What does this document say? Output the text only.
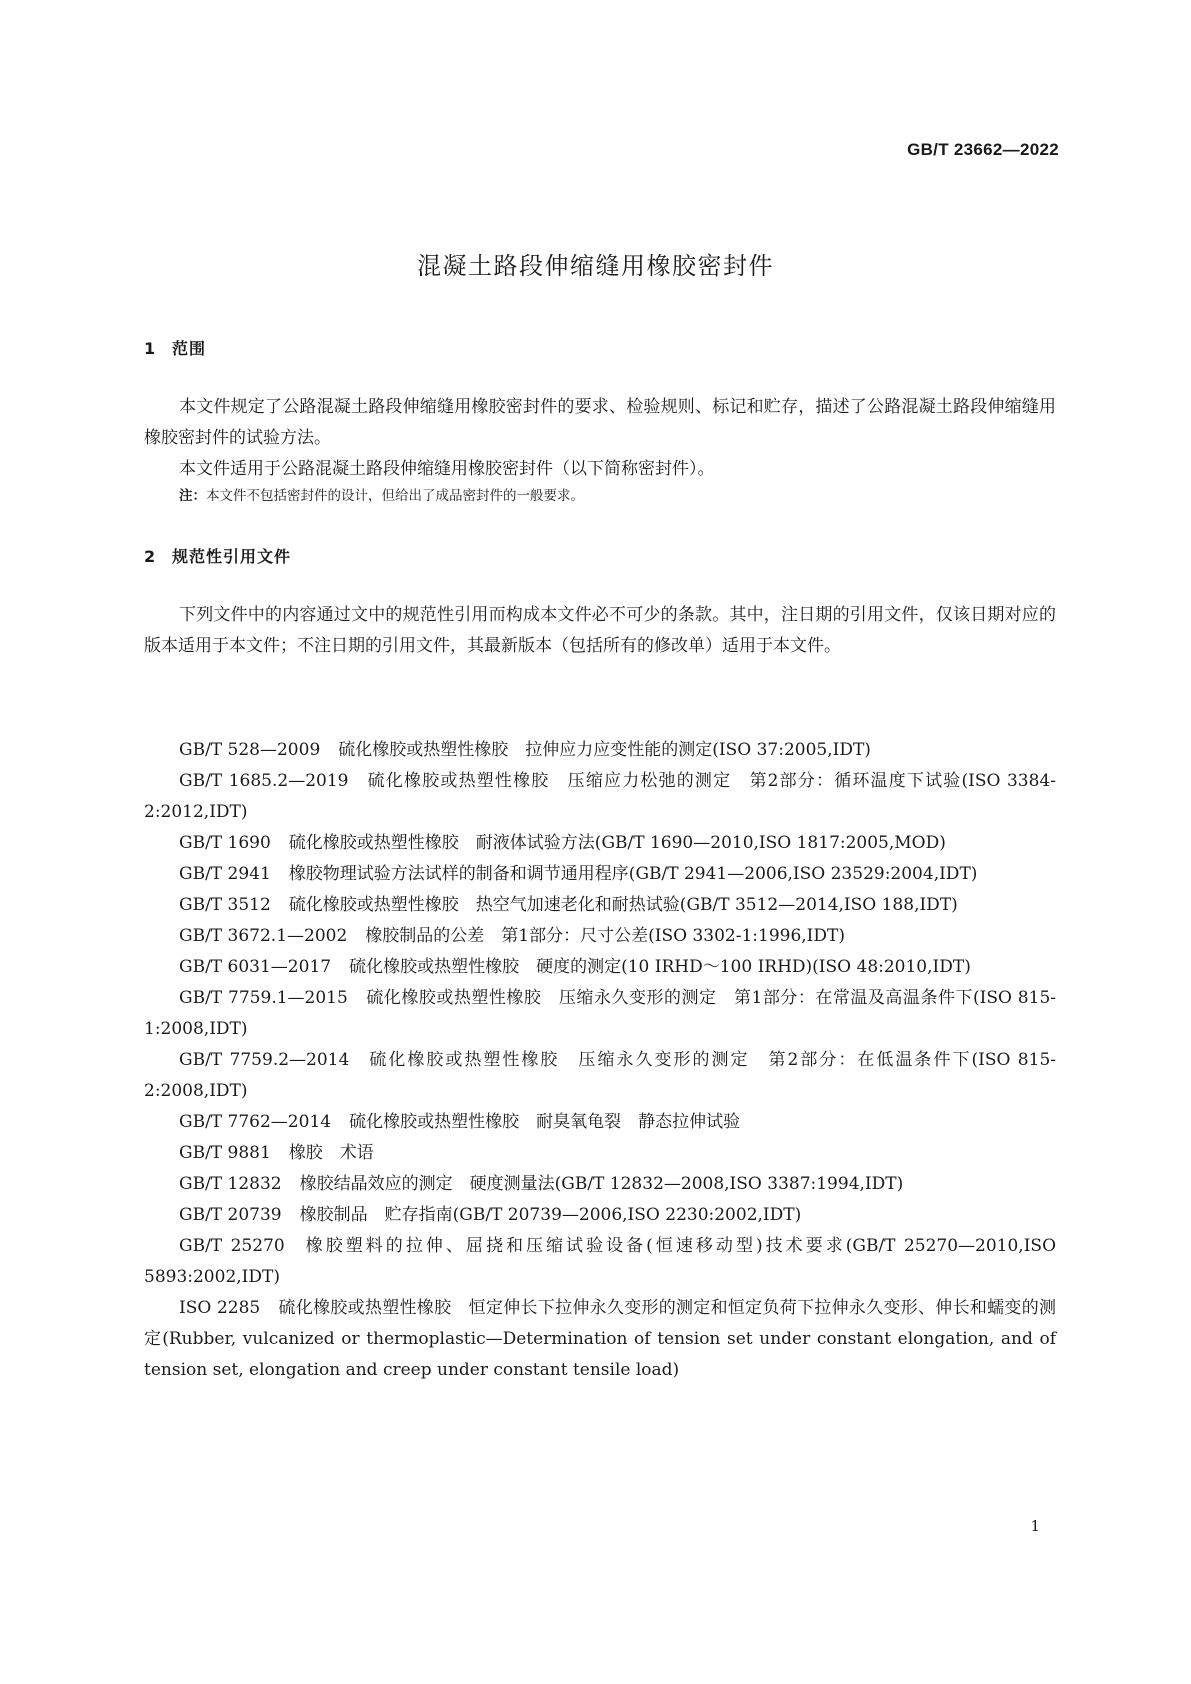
GB/T 23662—2022
混凝土路段伸缩缝用橡胶密封件
1 范围

本文件规定了公路混凝土路段伸缩缝用橡胶密封件的要求、检验规则、标记和贮存，描述了公路混凝土路段伸缩缝用橡胶密封件的试验方法。

本文件适用于公路混凝土路段伸缩缝用橡胶密封件（以下简称密封件）。

注：本文件不包括密封件的设计，但给出了成品密封件的一般要求。

2 规范性引用文件

下列文件中的内容通过文中的规范性引用而构成本文件必不可少的条款。其中，注日期的引用文件，仅该日期对应的版本适用于本文件；不注日期的引用文件，其最新版本（包括所有的修改单）适用于本文件。

GB/T 528—2009 硫化橡胶或热塑性橡胶　拉伸应力应变性能的测定(ISO 37:2005,IDT)
GB/T 1685.2—2019 硫化橡胶或热塑性橡胶　压缩应力松弛的测定　第2部分：循环温度下试验(ISO 3384-2:2012,IDT)
GB/T 1690 硫化橡胶或热塑性橡胶　耐液体试验方法(GB/T 1690—2010,ISO 1817:2005,MOD)
GB/T 2941 橡胶物理试验方法试样的制备和调节通用程序(GB/T 2941—2006,ISO 23529:2004,IDT)
GB/T 3512 硫化橡胶或热塑性橡胶　热空气加速老化和耐热试验(GB/T 3512—2014,ISO 188,IDT)
GB/T 3672.1—2002 橡胶制品的公差　第1部分：尺寸公差(ISO 3302-1:1996,IDT)
GB/T 6031—2017 硫化橡胶或热塑性橡胶　硬度的测定(10 IRHD～100 IRHD)(ISO 48:2010,IDT)
GB/T 7759.1—2015 硫化橡胶或热塑性橡胶　压缩永久变形的测定　第1部分：在常温及高温条件下(ISO 815-1:2008,IDT)
GB/T 7759.2—2014 硫化橡胶或热塑性橡胶　压缩永久变形的测定　第2部分：在低温条件下(ISO 815-2:2008,IDT)
GB/T 7762—2014 硫化橡胶或热塑性橡胶　耐臭氧龟裂　静态拉伸试验
GB/T 9881 橡胶　术语
GB/T 12832 橡胶结晶效应的测定　硬度测量法(GB/T 12832—2008,ISO 3387:1994,IDT)
GB/T 20739 橡胶制品　贮存指南(GB/T 20739—2006,ISO 2230:2002,IDT)
GB/T 25270 橡胶塑料的拉伸、屈挠和压缩试验设备(恒速移动型)技术要求(GB/T 25270—2010,ISO 5893:2002,IDT)
ISO 2285 硫化橡胶或热塑性橡胶　恒定伸长下拉伸永久变形的测定和恒定负荷下拉伸永久变形、伸长和蠕变的测定(Rubber, vulcanized or thermoplastic—Determination of tension set under constant elongation, and of tension set, elongation and creep under constant tensile load)
1
